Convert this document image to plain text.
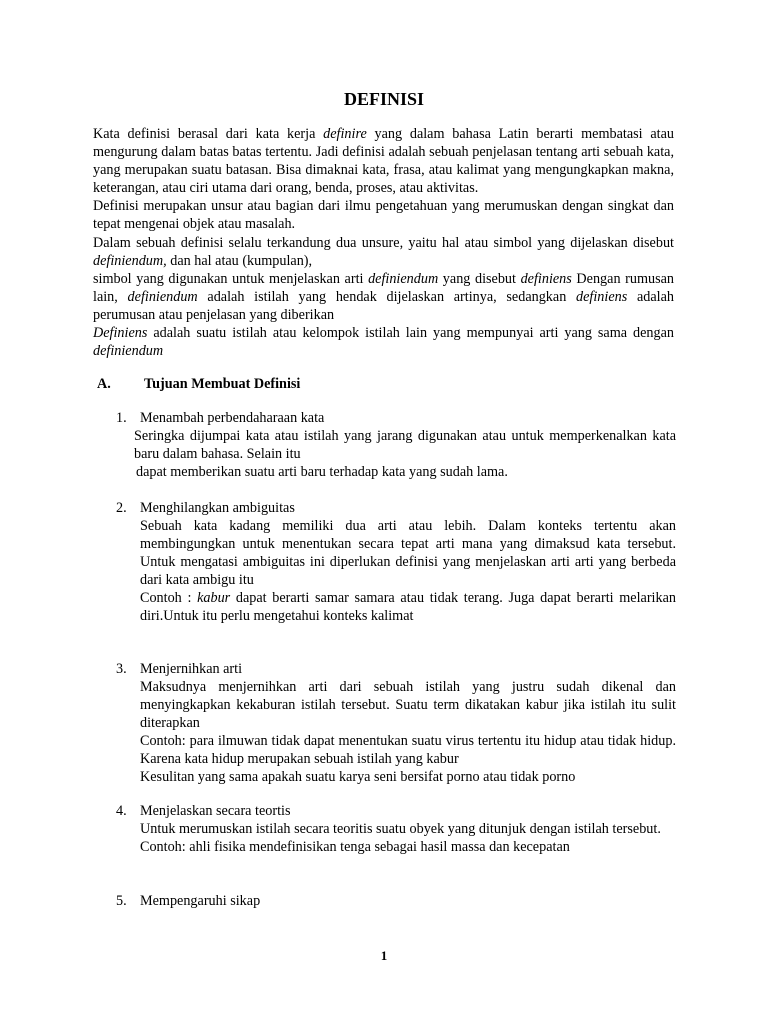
DEFINISI

Kata definisi berasal dari kata kerja definire yang dalam bahasa Latin berarti membatasi atau mengurung dalam batas batas tertentu. Jadi definisi adalah sebuah penjelasan tentang arti sebuah kata, yang merupakan suatu batasan. Bisa dimaknai kata, frasa, atau kalimat yang mengungkapkan makna, keterangan, atau ciri utama dari orang, benda, proses, atau aktivitas.

Definisi merupakan unsur atau bagian dari ilmu pengetahuan yang merumuskan dengan singkat dan tepat mengenai objek atau masalah.

Dalam sebuah definisi selalu terkandung dua unsure, yaitu hal atau simbol yang dijelaskan disebut definiendum, dan hal atau (kumpulan),

simbol yang digunakan untuk menjelaskan arti definiendum yang disebut definiens Dengan rumusan lain, definiendum adalah istilah yang hendak dijelaskan artinya, sedangkan definiens adalah perumusan atau penjelasan yang diberikan

Definiens adalah suatu istilah atau kelompok istilah lain yang mempunyai arti yang sama dengan definiendum

A. Tujuan Membuat Definisi
1. Menambah perbendaharaan kata

Seringka dijumpai kata atau istilah yang jarang digunakan atau untuk memperkenalkan kata baru dalam bahasa. Selain itu

dapat memberikan suatu arti baru terhadap kata yang sudah lama.

2. Menghilangkan ambiguitas

Sebuah kata kadang memiliki dua arti atau lebih. Dalam konteks tertentu akan membingungkan untuk menentukan secara tepat arti mana yang dimaksud kata tersebut. Untuk mengatasi ambiguitas ini diperlukan definisi yang menjelaskan arti arti yang berbeda dari kata ambigu itu

Contoh : kabur dapat berarti samar samara atau tidak terang. Juga dapat berarti melarikan diri.Untuk itu perlu mengetahui konteks kalimat

3. Menjernihkan arti

Maksudnya menjernihkan arti dari sebuah istilah yang justru sudah dikenal dan menyingkapkan kekaburan istilah tersebut. Suatu term dikatakan kabur jika istilah itu sulit diterapkan

Contoh: para ilmuwan tidak dapat menentukan suatu virus tertentu itu hidup atau tidak hidup. Karena kata hidup merupakan sebuah istilah yang kabur

Kesulitan yang sama apakah suatu karya seni bersifat porno atau tidak porno

4. Menjelaskan secara teortis

Untuk merumuskan istilah secara teoritis suatu obyek yang ditunjuk dengan istilah tersebut.

Contoh: ahli fisika mendefinisikan tenga sebagai hasil massa dan kecepatan

5. Mempengaruhi sikap
1
